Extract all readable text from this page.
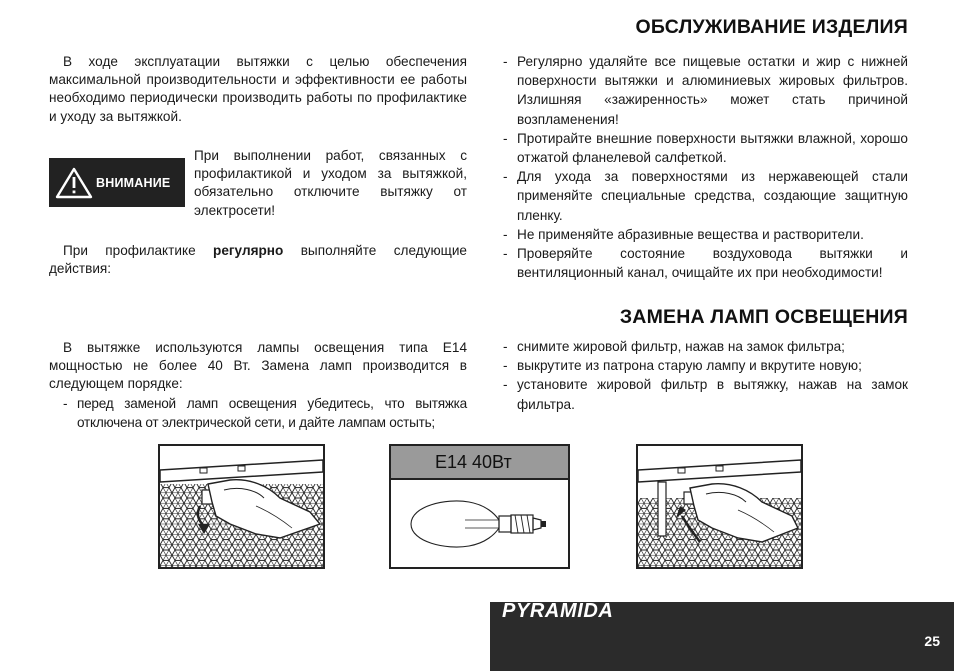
ОБСЛУЖИВАНИЕ ИЗДЕЛИЯ
ЗАМЕНА ЛАМП ОСВЕЩЕНИЯ
В ходе эксплуатации вытяжки с целью обеспечения максимальной производительности и эффективности ее работы необходимо периодически производить работы по профилактике и уходу за вытяжкой.
ВНИМАНИЕ
При выполнении работ, связанных с профилактикой и уходом за вытяжкой, обязательно отключите вытяжку от электросети!
При профилактике регулярно выполняйте следующие действия:
- Регулярно удаляйте все пищевые остатки и жир с нижней поверхности вытяжки и алюминиевых жировых фильтров. Излишняя «зажиренность» может стать причиной возпламенения!
- Протирайте внешние поверхности вытяжки влажной, хорошо отжатой фланелевой салфеткой.
- Для ухода за поверхностями из нержавеющей стали применяйте специальные средства, создающие защитную пленку.
- Не применяйте абразивные вещества и растворители.
- Проверяйте состояние воздуховода вытяжки и вентиляционный канал, очищайте их при необходимости!
В вытяжке используются лампы освещения типа E14 мощностью не более 40 Вт. Замена ламп производится в следующем порядке:
- перед заменой ламп освещения убедитесь, что вытяжка отключена от электрической сети, и дайте лампам остыть;
- снимите жировой фильтр, нажав на замок фильтра;
- выкрутите из патрона старую лампу и вкрутите новую;
- установите жировой фильтр в вытяжку, нажав на замок фильтра.
E14 40Вт
PYRAMIDA
25
